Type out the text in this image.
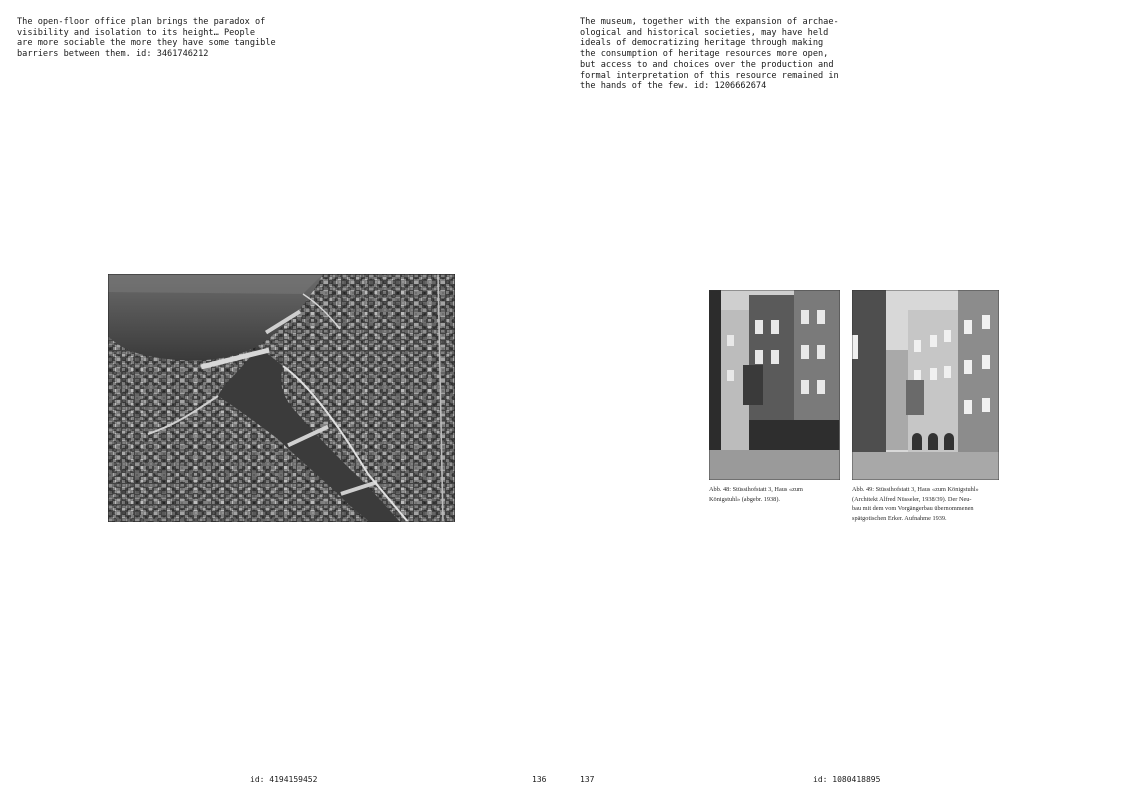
The open-floor office plan brings the paradox of
visibility and isolation to its height… People
are more sociable the more they have some tangible
barriers between them. id: 3461746212

The museum, together with the expansion of archae-
ological and historical societies, may have held
ideals of democratizing heritage through making
the consumption of heritage resources more open,
but access to and choices over the production and
formal interpretation of this resource remained in
the hands of the few. id: 1206662674

Abb. 48: Stüssihofstatt 3, Haus «zum
Königstuhl» (abgebr. 1938).
Abb. 49: Stüssihofstatt 3, Haus «zum Königstuhl»
(Architekt Alfred Nüsseler, 1938/39). Der Neu-
bau mit dem vom Vorgängerbau übernommenen
spätgotischen Erker. Aufnahme 1939.
id: 4194159452	136	137	id: 1080418895
